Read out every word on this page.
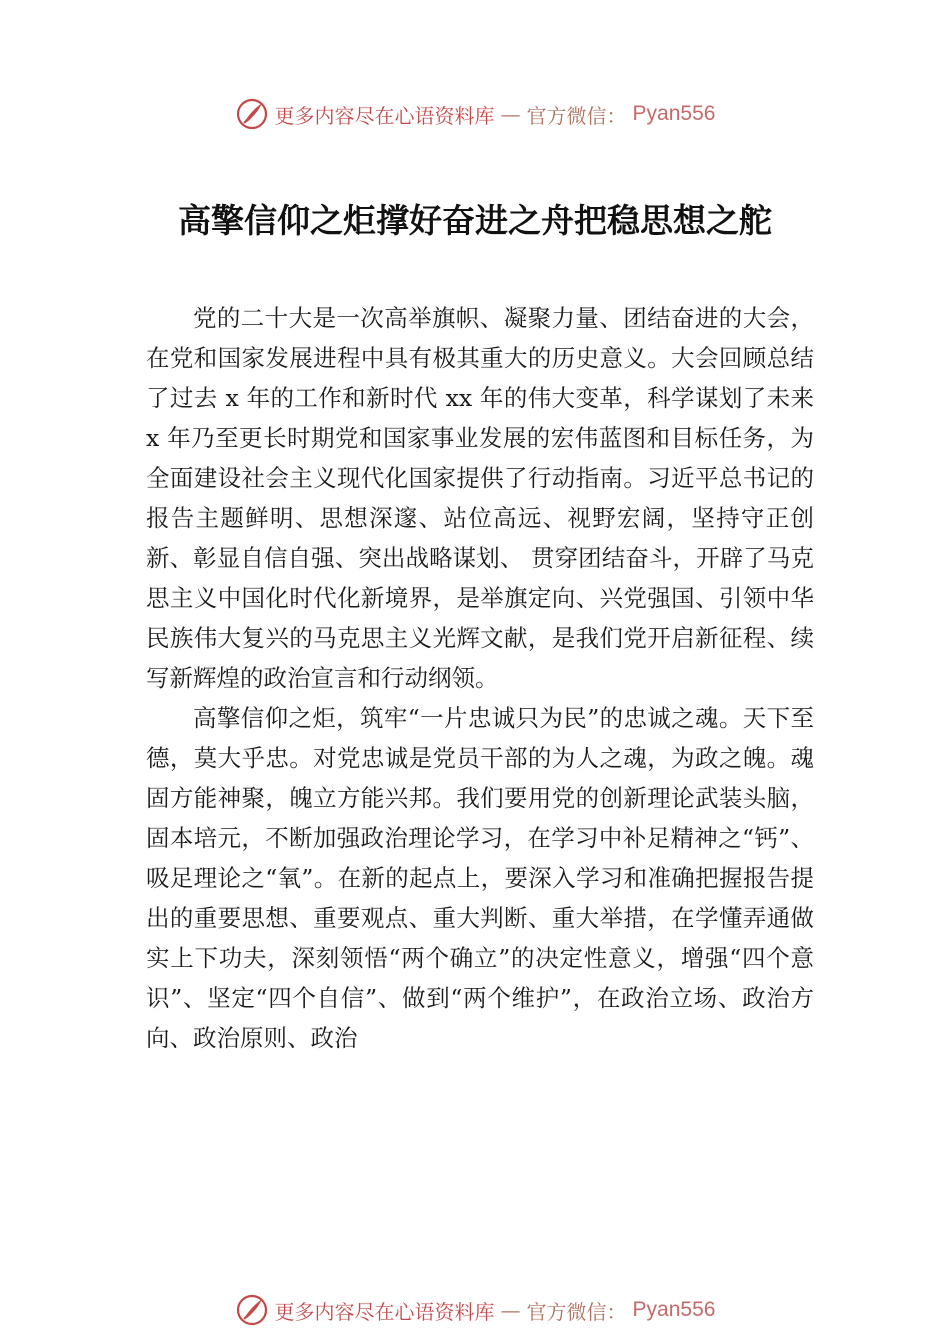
更多内容尽在心语资料库 — 官方微信： Pyan556
高擎信仰之炬撑好奋进之舟把稳思想之舵

党的二十大是一次高举旗帜、凝聚力量、团结奋进的大会，在党和国家发展进程中具有极其重大的历史意义。大会回顾总结了过去 x 年的工作和新时代 xx 年的伟大变革，科学谋划了未来 x 年乃至更长时期党和国家事业发展的宏伟蓝图和目标任务，为全面建设社会主义现代化国家提供了行动指南。习近平总书记的报告主题鲜明、思想深邃、站位高远、视野宏阔，坚持守正创新、彰显自信自强、突出战略谋划、 贯穿团结奋斗，开辟了马克思主义中国化时代化新境界，是举旗定向、兴党强国、引领中华民族伟大复兴的马克思主义光辉文献，是我们党开启新征程、续写新辉煌的政治宣言和行动纲领。

高擎信仰之炬，筑牢“一片忠诚只为民”的忠诚之魂。天下至德，莫大乎忠。对党忠诚是党员干部的为人之魂，为政之魄。魂固方能神聚，魄立方能兴邦。我们要用党的创新理论武装头脑，固本培元，不断加强政治理论学习，在学习中补足精神之“钙”、吸足理论之“氧”。在新的起点上，要深入学习和准确把握报告提出的重要思想、重要观点、重大判断、重大举措，在学懂弄通做实上下功夫，深刻领悟“两个确立”的决定性意义，增强“四个意识”、坚定“四个自信”、做到“两个维护”，在政治立场、政治方向、政治原则、政治

更多内容尽在心语资料库 — 官方微信： Pyan556
